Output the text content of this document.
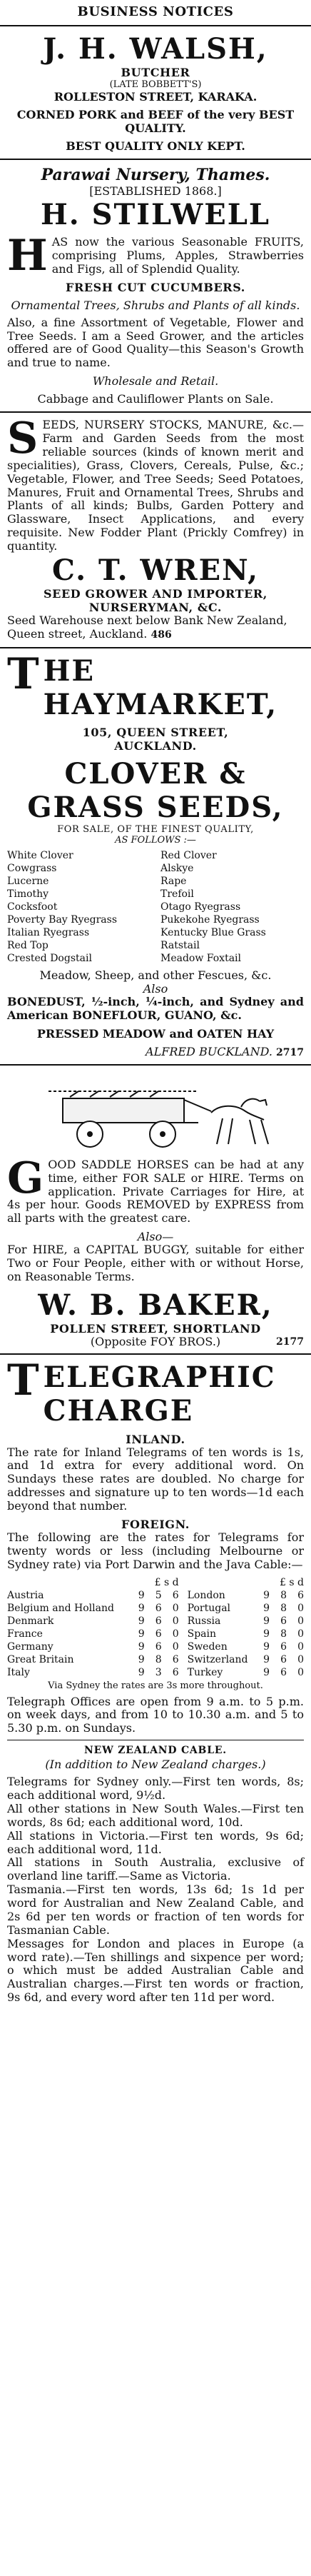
BUSINESS NOTICES
J. H. WALSH,
BUTCHER
(LATE BOBBETT'S)
ROLLESTON STREET, KARAKA.
CORNED PORK and BEEF of the very BEST QUALITY.
BEST QUALITY ONLY KEPT.
Parawai Nursery, Thames.
[ESTABLISHED 1868.]
H. STILWELL
H AS now the various Seasonable FRUITS, comprising Plums, Apples, Strawberries and Figs, all of Splendid Quality.
FRESH CUT CUCUMBERS.
Ornamental Trees, Shrubs and Plants of all kinds.
Also, a fine Assortment of Vegetable, Flower and Tree Seeds. I am a Seed Grower, and the articles offered are of Good Quality—this Season's Growth and true to name.
Wholesale and Retail.
Cabbage and Cauliflower Plants on Sale.
S EEDS, NURSERY STOCKS, MANURE, &c.—Farm and Garden Seeds from the most reliable sources (kinds of known merit and specialities), Grass, Clovers, Cereals, Pulse, &c.; Vegetable, Flower, and Tree Seeds; Seed Potatoes, Manures, Fruit and Ornamental Trees, Shrubs and Plants of all kinds; Bulbs, Garden Pottery and Glassware, Insect Applications, and every requisite. New Fodder Plant (Prickly Comfrey) in quantity.
C. T. WREN,
SEED GROWER AND IMPORTER, NURSERYMAN, &C.
Seed Warehouse next below Bank New Zealand, Queen street, Auckland. 486
T HE HAYMARKET,
105, QUEEN STREET,
AUCKLAND.
CLOVER & GRASS SEEDS,
FOR SALE, OF THE FINEST QUALITY,
AS FOLLOWS :—
White Clover	Red Clover
Cowgrass	Alskye
Lucerne	Rape
Timothy	Trefoil
Cocksfoot	Otago Ryegrass
Poverty Bay Ryegrass	Pukekohe Ryegrass
Italian Ryegrass	Kentucky Blue Grass
Red Top	Ratstail
Crested Dogstail	Meadow Foxtail
Meadow, Sheep, and other Fescues, &c.
Also
BONEDUST, ½-inch, ¼-inch, and Sydney and American BONEFLOUR, GUANO, &c.
PRESSED MEADOW and OATEN HAY
ALFRED BUCKLAND. 2717
G OOD SADDLE HORSES can be had at any time, either FOR SALE or HIRE. Terms on application. Private Carriages for Hire, at 4s per hour. Goods REMOVED by EXPRESS from all parts with the greatest care.
Also—
For HIRE, a CAPITAL BUGGY, suitable for either Two or Four People, either with or without Horse, on Reasonable Terms.
W. B. BAKER,
POLLEN STREET, SHORTLAND
(Opposite FOY BROS.)	2177
T ELEGRAPHIC CHARGE
INLAND.
The rate for Inland Telegrams of ten words is 1s, and 1d extra for every additional word. On Sundays these rates are doubled. No charge for addresses and signature up to ten words—1d each beyond that number.
FOREIGN.
The following are the rates for Telegrams for twenty words or less (including Melbourne or Sydney rate) via Port Darwin and the Java Cable:—
	£ s d				£ s d		
Austria	9	5	6	London	9	8	6
Belgium and Holland	9	6	0	Portugal	9	8	0
Denmark	9	6	0	Russia	9	6	0
France	9	6	0	Spain	9	8	0
Germany	9	6	0	Sweden	9	6	0
Great Britain	9	8	6	Switzerland	9	6	0
Italy	9	3	6	Turkey	9	6	0
Via Sydney the rates are 3s more throughout.
Telegraph Offices are open from 9 a.m. to 5 p.m. on week days, and from 10 to 10.30 a.m. and 5 to 5.30 p.m. on Sundays.
NEW ZEALAND CABLE.
(In addition to New Zealand charges.)
Telegrams for Sydney only.—First ten words, 8s; each additional word, 9½d.
All other stations in New South Wales.—First ten words, 8s 6d; each additional word, 10d.
All stations in Victoria.—First ten words, 9s 6d; each additional word, 11d.
All stations in South Australia, exclusive of overland line tariff.—Same as Victoria.
Tasmania.—First ten words, 13s 6d; 1s 1d per word for Australian and New Zealand Cable, and 2s 6d per ten words or fraction of ten words for Tasmanian Cable.
Messages for London and places in Europe (a word rate).—Ten shillings and sixpence per word; o which must be added Australian Cable and Australian charges.—First ten words or fraction, 9s 6d, and every word after ten 11d per word.
